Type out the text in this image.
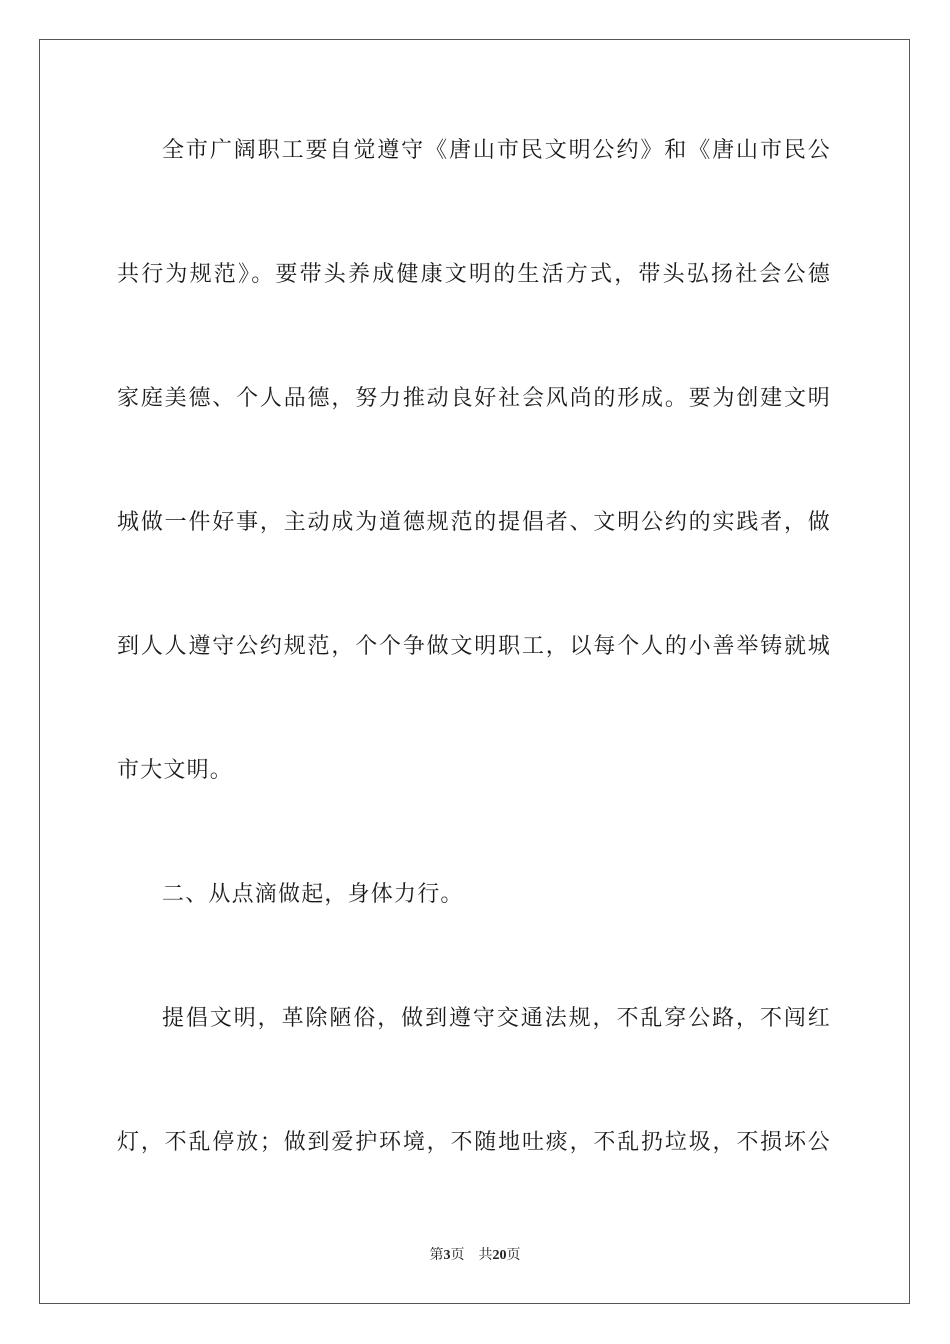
全市广阔职工要自觉遵守《唐山市民文明公约》和《唐山市民公
共行为规范》。要带头养成健康文明的生活方式，带头弘扬社会公德
家庭美德、个人品德，努力推动良好社会风尚的形成。要为创建文明
城做一件好事，主动成为道德规范的提倡者、文明公约的实践者，做
到人人遵守公约规范，个个争做文明职工，以每个人的小善举铸就城
市大文明。
二、从点滴做起，身体力行。
提倡文明，革除陋俗，做到遵守交通法规，不乱穿公路，不闯红
灯，不乱停放；做到爱护环境，不随地吐痰，不乱扔垃圾，不损坏公
第3页 共20页
